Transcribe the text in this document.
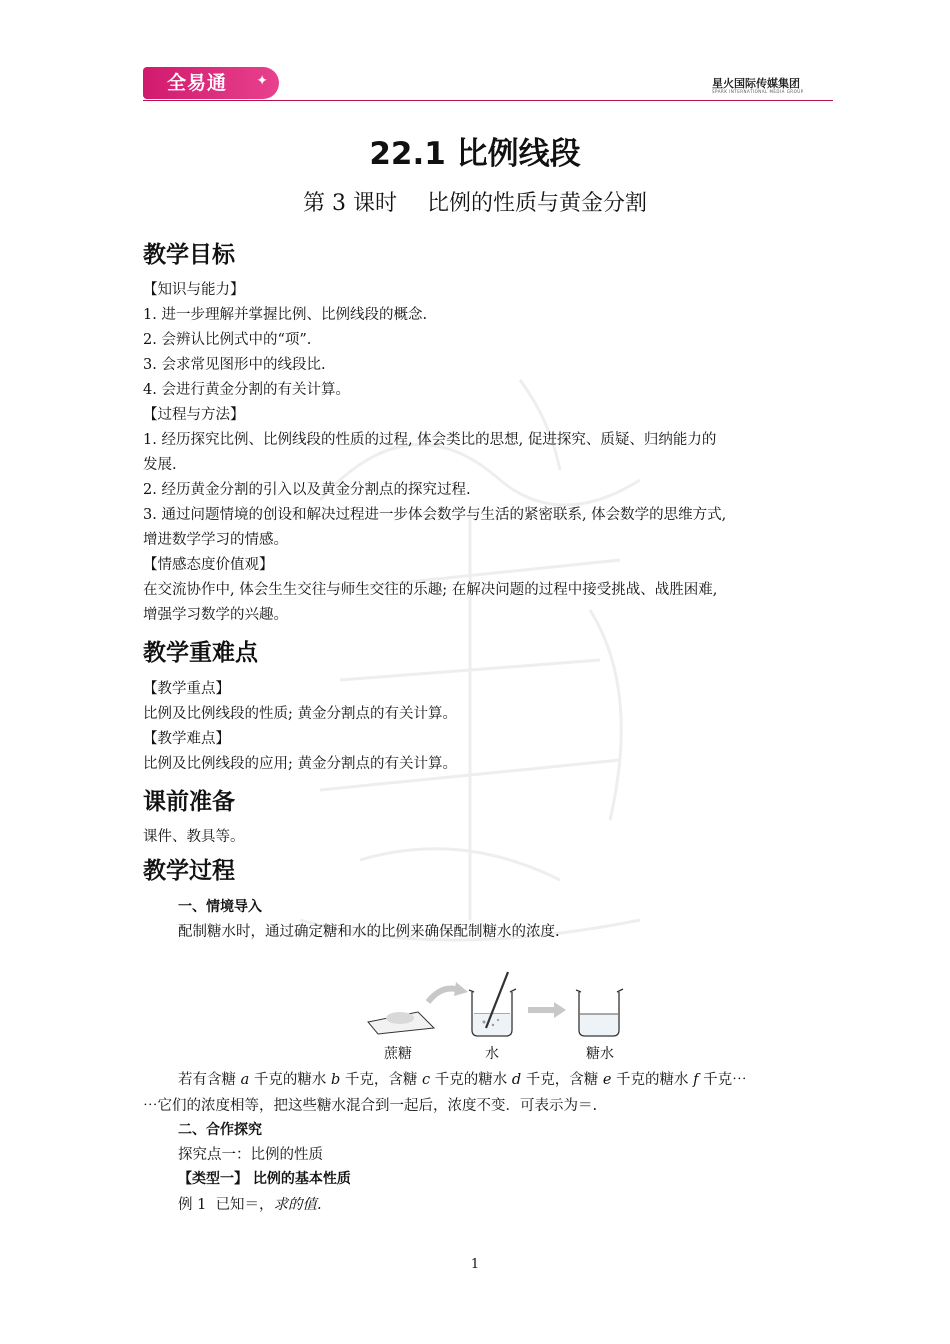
全易通 ✦	星火国际传媒集团
SPARK INTERNATIONAL MEDIA GROUP
22.1 比例线段
第 3 课时 比例的性质与黄金分割
教学目标
【知识与能力】
1. 进一步理解并掌握比例、比例线段的概念.
2. 会辨认比例式中的“项”.
3. 会求常见图形中的线段比.
4. 会进行黄金分割的有关计算。
【过程与方法】
1. 经历探究比例、比例线段的性质的过程, 体会类比的思想, 促进探究、质疑、归纳能力的
发展.
2. 经历黄金分割的引入以及黄金分割点的探究过程.
3. 通过问题情境的创设和解决过程进一步体会数学与生活的紧密联系, 体会数学的思维方式,
增进数学学习的情感。
【情感态度价值观】
在交流协作中, 体会生生交往与师生交往的乐趣; 在解决问题的过程中接受挑战、战胜困难,
增强学习数学的兴趣。
教学重难点
【教学重点】
比例及比例线段的性质; 黄金分割点的有关计算。
【教学难点】
比例及比例线段的应用; 黄金分割点的有关计算。
课前准备
课件、教具等。
教学过程
一、情境导入
配制糖水时，通过确定糖和水的比例来确保配制糖水的浓度.
蔗糖	水	糖水
若有含糖 a 千克的糖水 b 千克，含糖 c 千克的糖水 d 千克，含糖 e 千克的糖水 f 千克⋯
⋯它们的浓度相等，把这些糖水混合到一起后，浓度不变．可表示为＝.
二、合作探究
探究点一：比例的性质
【类型一】 比例的基本性质
例 1 已知＝，求的值.
1
